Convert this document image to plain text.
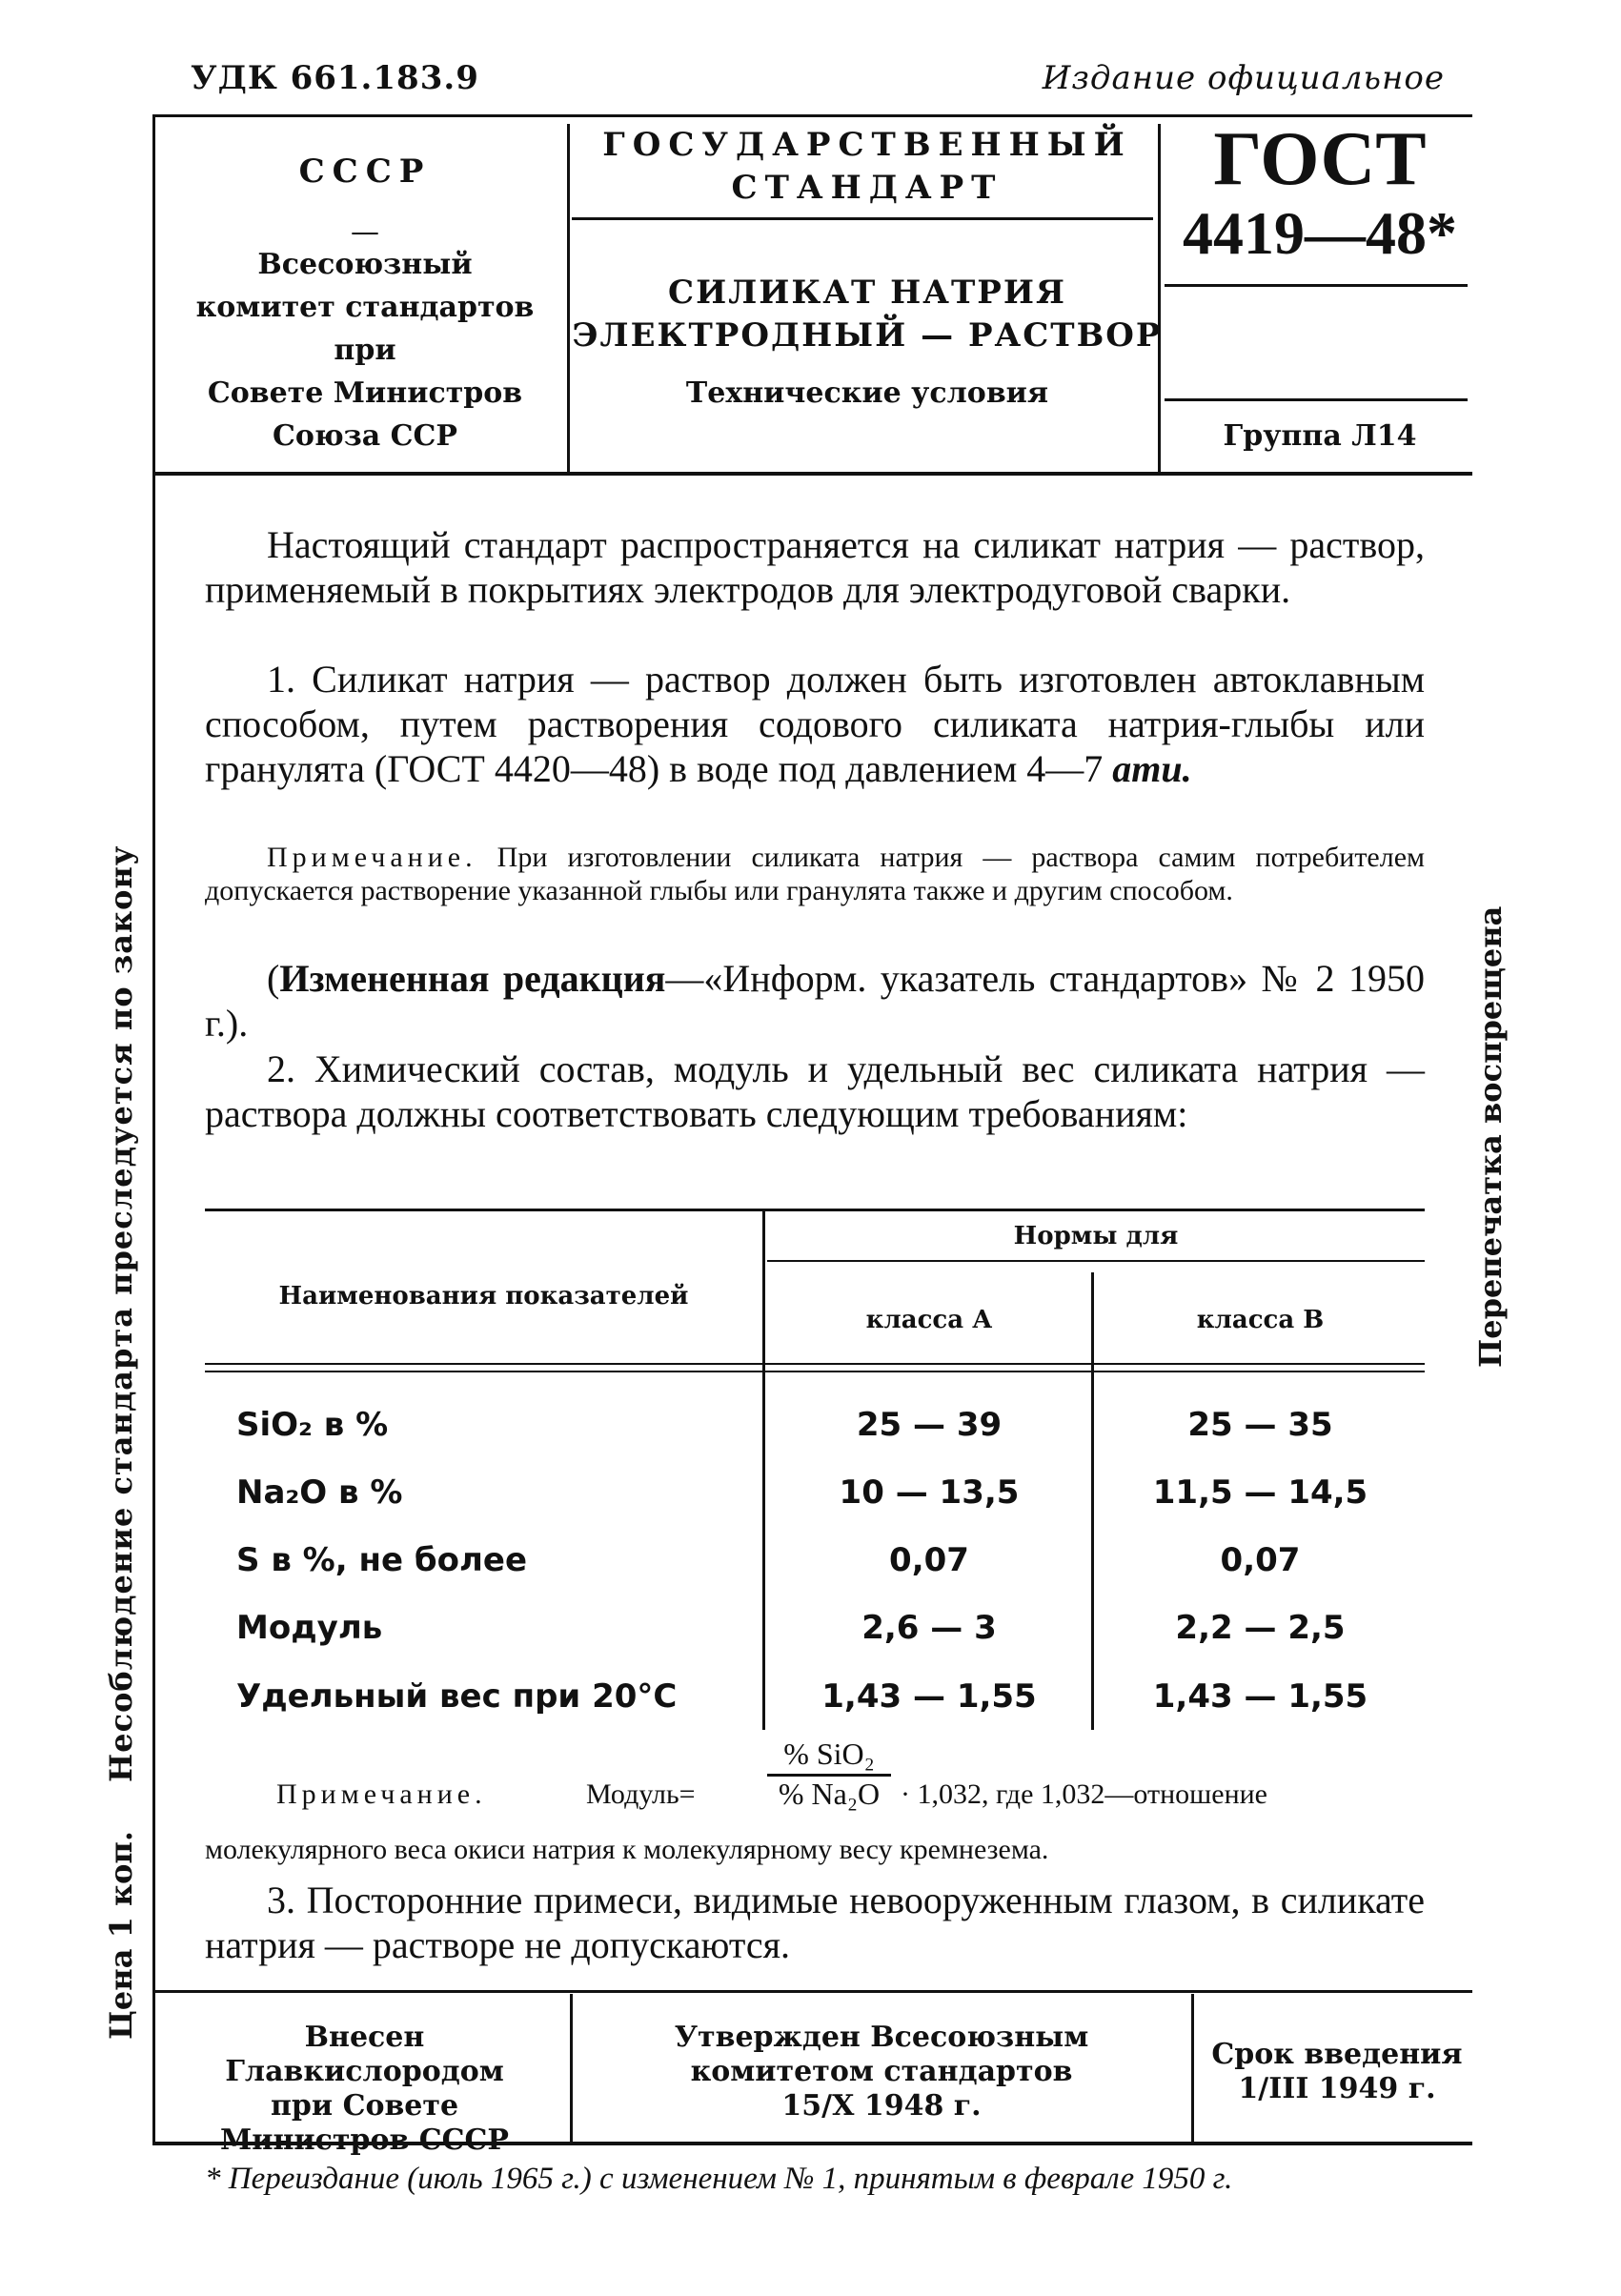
УДК 661.183.9	Издание официальное
СССР
—
Всесоюзный
комитет стандартов
при
Совете Министров
Союза ССР
ГОСУДАРСТВЕННЫЙ
СТАНДАРТ
СИЛИКАТ НАТРИЯ
ЭЛЕКТРОДНЫЙ — РАСТВОР
Технические условия
ГОСТ
4419—48*
Группа Л14
Настоящий стандарт распространяется на силикат натрия — раствор, применяемый в покрытиях электродов для электродуговой сварки.
1. Силикат натрия — раствор должен быть изготовлен автоклавным способом, путем растворения содового силиката натрия-глыбы или гранулята (ГОСТ 4420—48) в воде под давлением 4—7 ати.
Примечание. При изготовлении силиката натрия — раствора самим потребителем допускается растворение указанной глыбы или гранулята также и другим способом.
(Измененная редакция—«Информ. указатель стандартов» № 2 1950 г.).
2. Химический состав, модуль и удельный вес силиката натрия — раствора должны соответствовать следующим требованиям:
Наименования показателей
Нормы для
класса А	класса В
SiO₂ в %	25 — 39	25 — 35
Na₂O в %	10 — 13,5	11,5 — 14,5
S в %, не более	0,07	0,07
Модуль	2,6 — 3	2,2 — 2,5
Удельный вес при 20°C	1,43 — 1,55	1,43 — 1,55
Примечание.	Модуль=
% SiO₂
% Na₂O · 1,032, где 1,032—отношение
молекулярного веса окиси натрия к молекулярному весу кремнезема.
3. Посторонние примеси, видимые невооруженным глазом, в силикате натрия — растворе не допускаются.
Внесен Главкислородом
при Совете
Министров СССР
Утвержден Всесоюзным
комитетом стандартов
15/X 1948 г.
Срок введения
1/III 1949 г.
* Переиздание (июль 1965 г.) с изменением № 1, принятым в феврале 1950 г.
Несоблюдение стандарта преследуется по закону
Цена 1 коп.
Перепечатка воспрещена
